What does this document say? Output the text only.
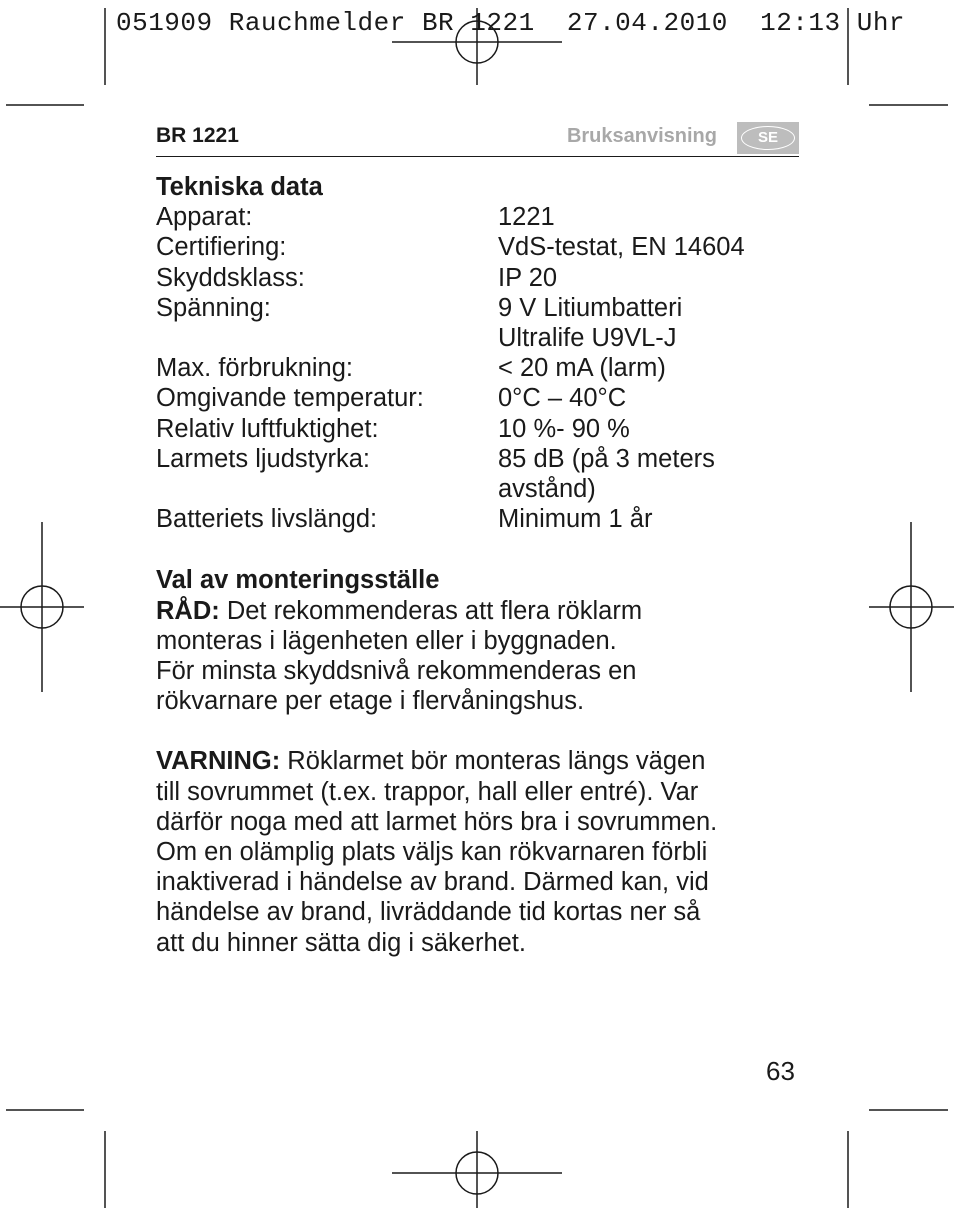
051909 Rauchmelder BR 1221  27.04.2010  12:13 Uhr
BR 1221	Bruksanvisning	SE
Tekniska data
Apparat:	1221
Certifiering:	VdS-testat, EN 14604
Skyddsklass:	IP 20
Spänning:	9 V Litiumbatteri
Ultralife U9VL-J
Max. förbrukning:	< 20 mA (larm)
Omgivande temperatur:	0°C – 40°C
Relativ luftfuktighet:	10 %- 90 %
Larmets ljudstyrka:	85 dB (på 3 meters
avstånd)
Batteriets livslängd:	Minimum 1 år
Val av monteringsställe
RÅD: Det rekommenderas att flera röklarm
monteras i lägenheten eller i byggnaden.
För minsta skyddsnivå rekommenderas en
rökvarnare per etage i flervåningshus.
VARNING: Röklarmet bör monteras längs vägen
till sovrummet (t.ex. trappor, hall eller entré). Var
därför noga med att larmet hörs bra i sovrummen.
Om en olämplig plats väljs kan rökvarnaren förbli
inaktiverad i händelse av brand. Därmed kan, vid
händelse av brand, livräddande tid kortas ner så
att du hinner sätta dig i säkerhet.
63
